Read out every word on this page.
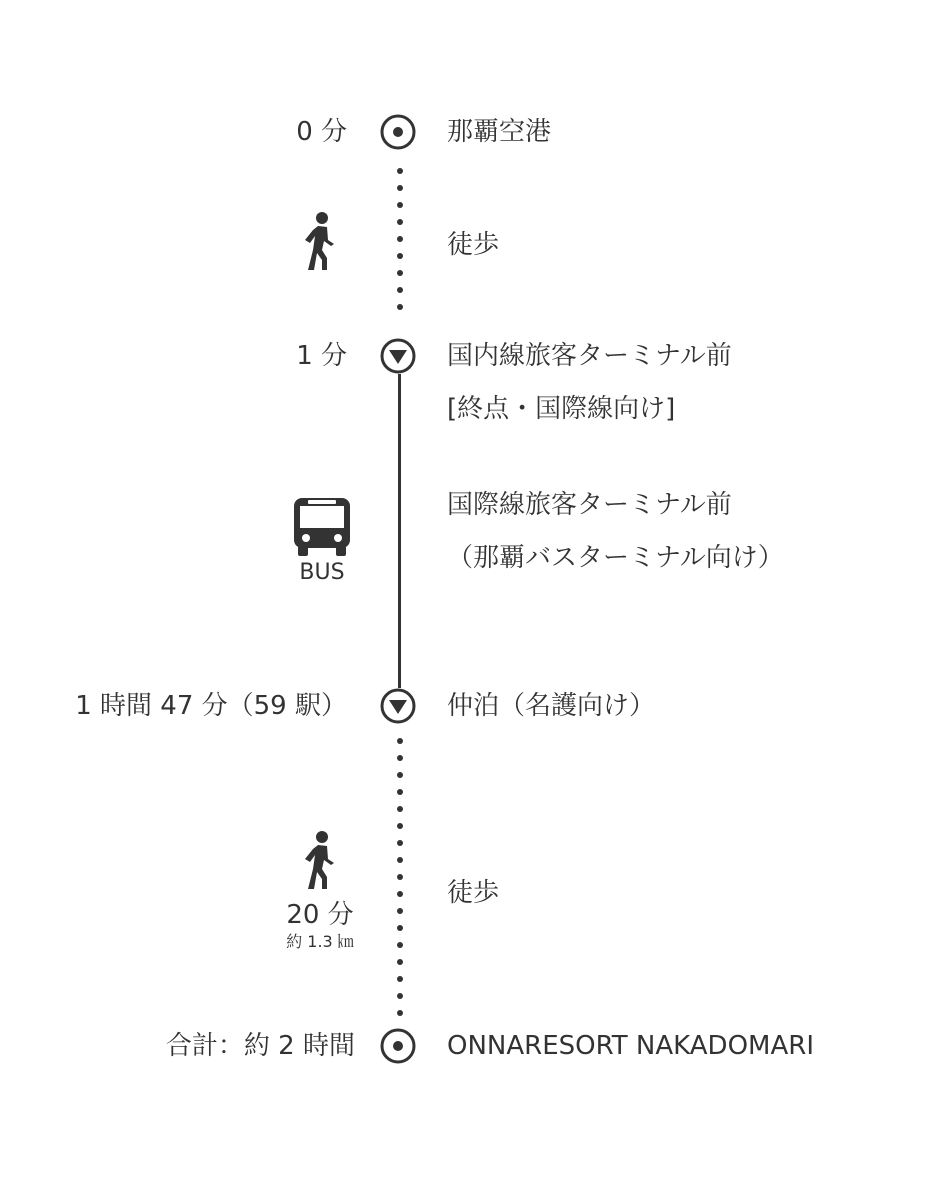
0 分	那覇空港
徒歩
1 分	国内線旅客ターミナル前
[終点・国際線向け]
BUS
国際線旅客ターミナル前
（那覇バスターミナル向け）
1 時間 47 分（59 駅）	仲泊（名護向け）
20 分
約 1.3 ㎞
徒歩
合計：約 2 時間	ONNARESORT NAKADOMARI
